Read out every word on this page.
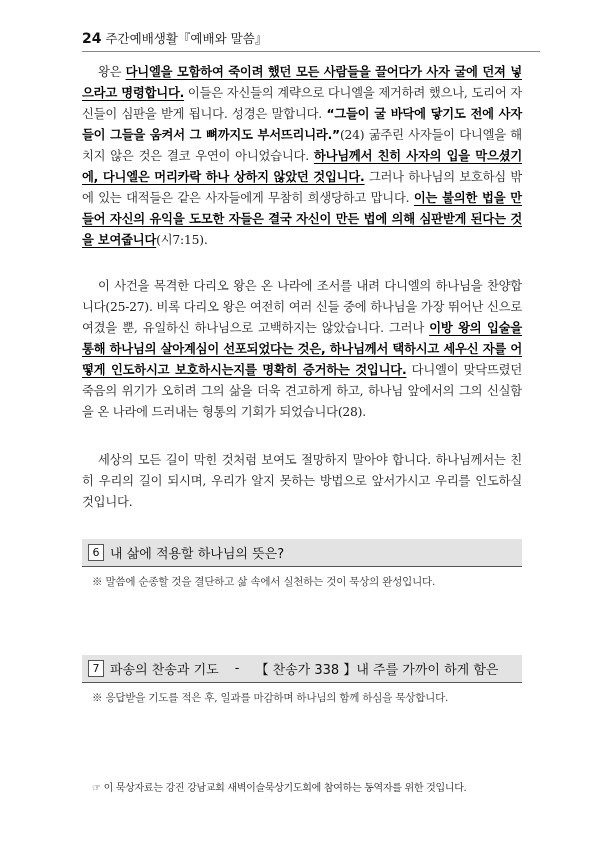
24 주간예배생활『예배와 말씀』

왕은 다니엘을 모함하여 죽이려 했던 모든 사람들을 끌어다가 사자 굴에 던져 넣으라고 명령합니다. 이들은 자신들의 계략으로 다니엘을 제거하려 했으나, 도리어 자신들이 심판을 받게 됩니다. 성경은 말합니다. “그들이 굴 바닥에 닿기도 전에 사자들이 그들을 움켜서 그 뼈까지도 부서뜨리니라.”(24) 굶주린 사자들이 다니엘을 해치지 않은 것은 결코 우연이 아니었습니다. 하나님께서 친히 사자의 입을 막으셨기에, 다니엘은 머리카락 하나 상하지 않았던 것입니다. 그러나 하나님의 보호하심 밖에 있는 대적들은 같은 사자들에게 무참히 희생당하고 맙니다. 이는 불의한 법을 만들어 자신의 유익을 도모한 자들은 결국 자신이 만든 법에 의해 심판받게 된다는 것을 보여줍니다(시7:15).

이 사건을 목격한 다리오 왕은 온 나라에 조서를 내려 다니엘의 하나님을 찬양합니다(25-27). 비록 다리오 왕은 여전히 여러 신들 중에 하나님을 가장 뛰어난 신으로 여겼을 뿐, 유일하신 하나님으로 고백하지는 않았습니다. 그러나 이방 왕의 입술을 통해 하나님의 살아계심이 선포되었다는 것은, 하나님께서 택하시고 세우신 자를 어떻게 인도하시고 보호하시는지를 명확히 증거하는 것입니다. 다니엘이 맞닥뜨렸던 죽음의 위기가 오히려 그의 삶을 더욱 견고하게 하고, 하나님 앞에서의 그의 신실함을 온 나라에 드러내는 형통의 기회가 되었습니다(28).

세상의 모든 길이 막힌 것처럼 보여도 절망하지 말아야 합니다. 하나님께서는 친히 우리의 길이 되시며, 우리가 알지 못하는 방법으로 앞서가시고 우리를 인도하실 것입니다.

6 내 삶에 적용할 하나님의 뜻은?
※ 말씀에 순종할 것을 결단하고 삶 속에서 실천하는 것이 묵상의 완성입니다.
7 파송의 찬송과 기도 - 【 찬송가 338 】내 주를 가까이 하게 함은
※ 응답받을 기도를 적은 후, 일과를 마감하며 하나님의 함께 하심을 묵상합니다.
☞ 이 묵상자료는 강진 강남교회 새벽이슬묵상기도회에 참여하는 동역자를 위한 것입니다.
